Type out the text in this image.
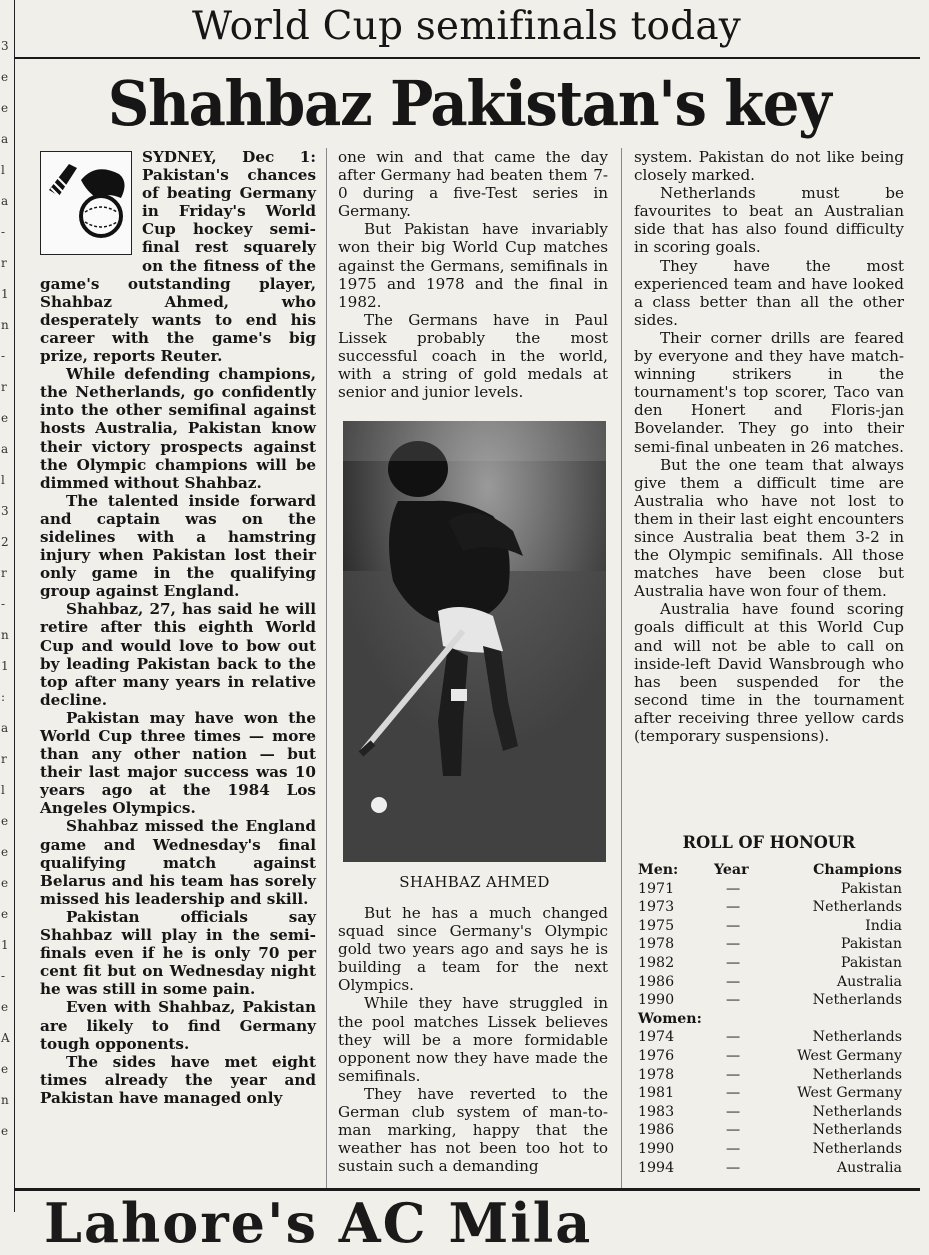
3
e
e
a
l
a
-
r
1
n
-
r
e
a
l
3
2
r
-
n
1
:
a
r
l
e
e
e
e
1
-
e
A
e
n
e
World Cup semifinals today
Shahbaz Pakistan's key

SYDNEY, Dec 1: Pakistan's chances of beating Germany in Friday's World Cup hockey semi-final rest squarely on the fitness of the game's outstanding player, Shahbaz Ahmed, who desperately wants to end his career with the game's big prize, reports Reuter.

While defending champions, the Netherlands, go confidently into the other semifinal against hosts Australia, Pakistan know their victory prospects against the Olympic champions will be dimmed without Shahbaz.

The talented inside forward and captain was on the sidelines with a hamstring injury when Pakistan lost their only game in the qualifying group against England.

Shahbaz, 27, has said he will retire after this eighth World Cup and would love to bow out by leading Pakistan back to the top after many years in relative decline.

Pakistan may have won the World Cup three times — more than any other nation — but their last major success was 10 years ago at the 1984 Los Angeles Olympics.

Shahbaz missed the England game and Wednesday's final qualifying match against Belarus and his team has sorely missed his leadership and skill.

Pakistan officials say Shahbaz will play in the semi-finals even if he is only 70 per cent fit but on Wednesday night he was still in some pain.

Even with Shahbaz, Pakistan are likely to find Germany tough opponents.

The sides have met eight times already the year and Pakistan have managed only

one win and that came the day after Germany had beaten them 7-0 during a five-Test series in Germany.

But Pakistan have invariably won their big World Cup matches against the Germans, semifinals in 1975 and 1978 and the final in 1982.

The Germans have in Paul Lissek probably the most successful coach in the world, with a string of gold medals at senior and junior levels.

SHAHBAZ AHMED

But he has a much changed squad since Germany's Olympic gold two years ago and says he is building a team for the next Olympics.

While they have struggled in the pool matches Lissek believes they will be a more formidable opponent now they have made the semifinals.

They have reverted to the German club system of man-to-man marking, happy that the weather has not been too hot to sustain such a demanding

system. Pakistan do not like being closely marked.

Netherlands must be favourites to beat an Australian side that has also found difficulty in scoring goals.

They have the most experienced team and have looked a class better than all the other sides.

Their corner drills are feared by everyone and they have match-winning strikers in the tournament's top scorer, Taco van den Honert and Floris-jan Bovelander. They go into their semi-final unbeaten in 26 matches.

But the one team that always give them a difficult time are Australia who have not lost to them in their last eight encounters since Australia beat them 3-2 in the Olympic semifinals. All those matches have been close but Australia have won four of them.

Australia have found scoring goals difficult at this World Cup and will not be able to call on inside-left David Wansbrough who has been suspended for the second time in the tournament after receiving three yellow cards (temporary suspensions).

ROLL OF HONOUR
Men:	Year	Champions
1971	—	Pakistan
1973	—	Netherlands
1975	—	India
1978	—	Pakistan
1982	—	Pakistan
1986	—	Australia
1990	—	Netherlands
Women:
1974	—	Netherlands
1976	—	West Germany
1978	—	Netherlands
1981	—	West Germany
1983	—	Netherlands
1986	—	Netherlands
1990	—	Netherlands
1994	—	Australia
Lahore's AC Mila
